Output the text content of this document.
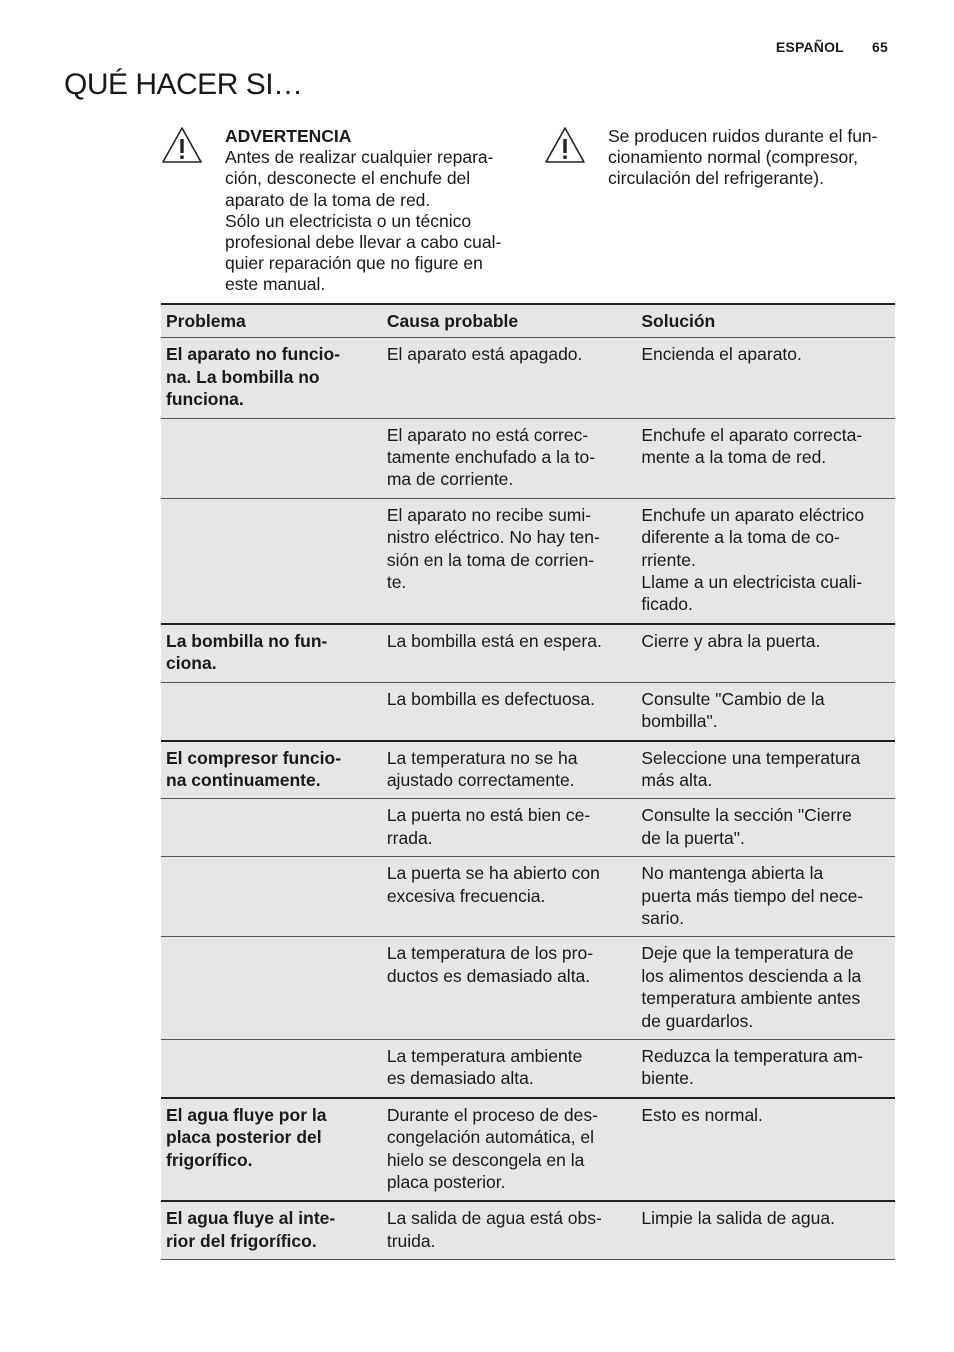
ESPAÑOL 65
QUÉ HACER SI…
ADVERTENCIA
Antes de realizar cualquier repara-
ción, desconecte el enchufe del
aparato de la toma de red.
Sólo un electricista o un técnico
profesional debe llevar a cabo cual-
quier reparación que no figure en
este manual.
Se producen ruidos durante el fun-
cionamiento normal (compresor,
circulación del refrigerante).
Problema	Causa probable	Solución

El aparato no funcio-
na. La bombilla no
funciona.	El aparato está apagado.	Encienda el aparato.

	El aparato no está correc-
tamente enchufado a la to-
ma de corriente.	Enchufe el aparato correcta-
mente a la toma de red.

	El aparato no recibe sumi-
nistro eléctrico. No hay ten-
sión en la toma de corrien-
te.	Enchufe un aparato eléctrico
diferente a la toma de co-
rriente.
Llame a un electricista cuali-
ficado.

La bombilla no fun-
ciona.	La bombilla está en espera.	Cierre y abra la puerta.

	La bombilla es defectuosa.	Consulte "Cambio de la
bombilla".

El compresor funcio-
na continuamente.	La temperatura no se ha
ajustado correctamente.	Seleccione una temperatura
más alta.

	La puerta no está bien ce-
rrada.	Consulte la sección "Cierre
de la puerta".

	La puerta se ha abierto con
excesiva frecuencia.	No mantenga abierta la
puerta más tiempo del nece-
sario.

	La temperatura de los pro-
ductos es demasiado alta.	Deje que la temperatura de
los alimentos descienda a la
temperatura ambiente antes
de guardarlos.

	La temperatura ambiente
es demasiado alta.	Reduzca la temperatura am-
biente.

El agua fluye por la
placa posterior del
frigorífico.	Durante el proceso de des-
congelación automática, el
hielo se descongela en la
placa posterior.	Esto es normal.

El agua fluye al inte-
rior del frigorífico.	La salida de agua está obs-
truida.	Limpie la salida de agua.
